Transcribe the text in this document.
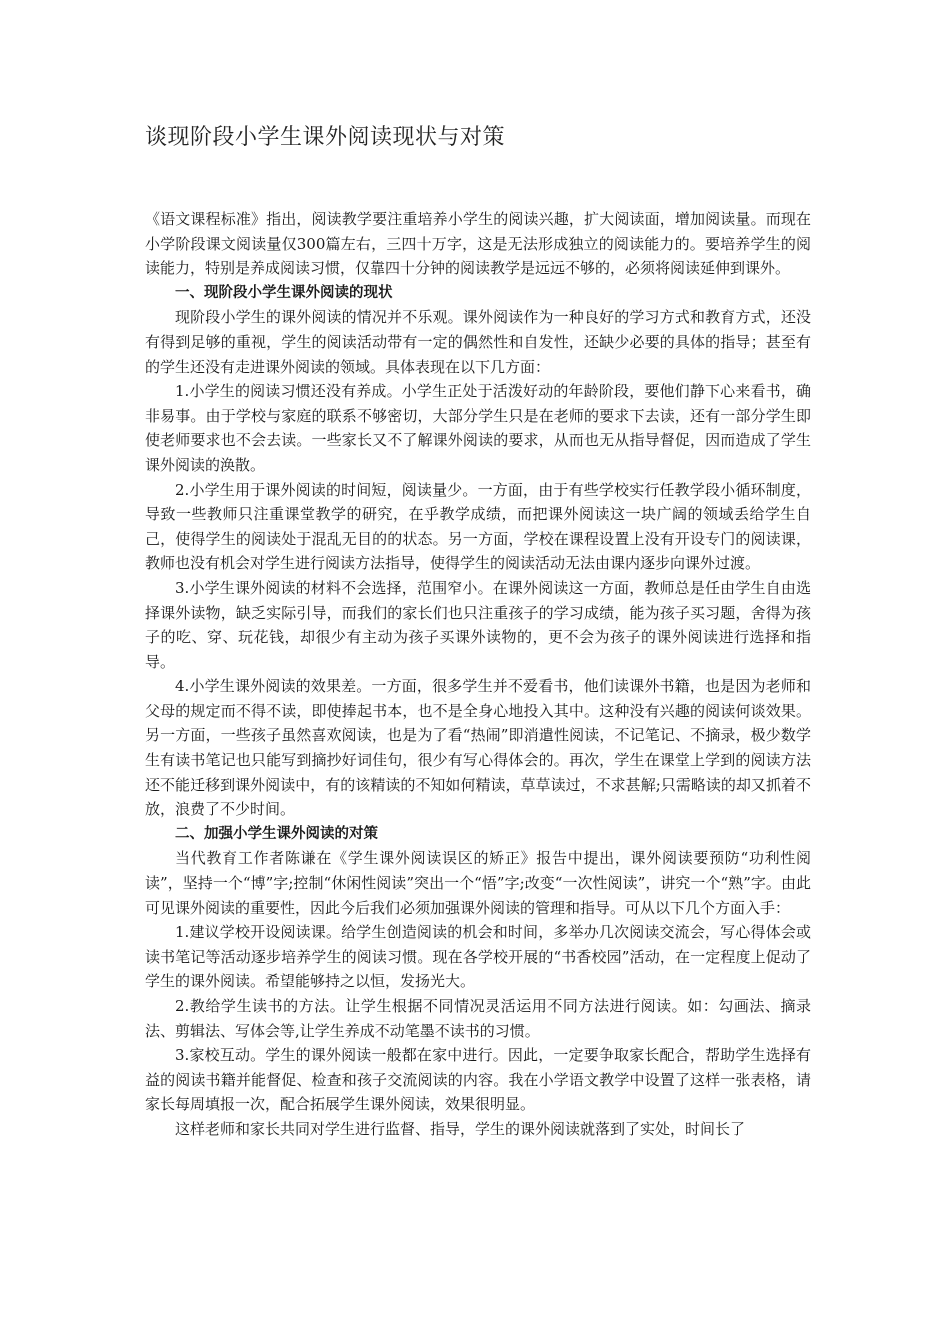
谈现阶段小学生课外阅读现状与对策

《语文课程标准》指出，阅读教学要注重培养小学生的阅读兴趣，扩大阅读面，增加阅读量。而现在小学阶段课文阅读量仅300篇左右，三四十万字，这是无法形成独立的阅读能力的。要培养学生的阅读能力，特别是养成阅读习惯，仅靠四十分钟的阅读教学是远远不够的，必须将阅读延伸到课外。

一、现阶段小学生课外阅读的现状

现阶段小学生的课外阅读的情况并不乐观。课外阅读作为一种良好的学习方式和教育方式，还没有得到足够的重视，学生的阅读活动带有一定的偶然性和自发性，还缺少必要的具体的指导；甚至有的学生还没有走进课外阅读的领域。具体表现在以下几方面：

1.小学生的阅读习惯还没有养成。小学生正处于活泼好动的年龄阶段，要他们静下心来看书，确非易事。由于学校与家庭的联系不够密切，大部分学生只是在老师的要求下去读，还有一部分学生即使老师要求也不会去读。一些家长又不了解课外阅读的要求，从而也无从指导督促，因而造成了学生课外阅读的涣散。

2.小学生用于课外阅读的时间短，阅读量少。一方面，由于有些学校实行任教学段小循环制度，导致一些教师只注重课堂教学的研究，在乎教学成绩，而把课外阅读这一块广阔的领域丢给学生自己，使得学生的阅读处于混乱无目的的状态。另一方面，学校在课程设置上没有开设专门的阅读课，教师也没有机会对学生进行阅读方法指导，使得学生的阅读活动无法由课内逐步向课外过渡。

3.小学生课外阅读的材料不会选择，范围窄小。在课外阅读这一方面，教师总是任由学生自由选择课外读物，缺乏实际引导，而我们的家长们也只注重孩子的学习成绩，能为孩子买习题，舍得为孩子的吃、穿、玩花钱，却很少有主动为孩子买课外读物的，更不会为孩子的课外阅读进行选择和指导。

4.小学生课外阅读的效果差。一方面，很多学生并不爱看书，他们读课外书籍，也是因为老师和父母的规定而不得不读，即使捧起书本，也不是全身心地投入其中。这种没有兴趣的阅读何谈效果。另一方面，一些孩子虽然喜欢阅读，也是为了看“热闹”即消遣性阅读，不记笔记、不摘录，极少数学生有读书笔记也只能写到摘抄好词佳句，很少有写心得体会的。再次，学生在课堂上学到的阅读方法还不能迁移到课外阅读中，有的该精读的不知如何精读，草草读过，不求甚解;只需略读的却又抓着不放，浪费了不少时间。

二、加强小学生课外阅读的对策

当代教育工作者陈谦在《学生课外阅读误区的矫正》报告中提出，课外阅读要预防“功利性阅读”，坚持一个“博”字;控制“休闲性阅读”突出一个“悟”字;改变“一次性阅读”，讲究一个“熟”字。由此可见课外阅读的重要性，因此今后我们必须加强课外阅读的管理和指导。可从以下几个方面入手：

1.建议学校开设阅读课。给学生创造阅读的机会和时间，多举办几次阅读交流会，写心得体会或读书笔记等活动逐步培养学生的阅读习惯。现在各学校开展的“书香校园”活动，在一定程度上促动了学生的课外阅读。希望能够持之以恒，发扬光大。

2.教给学生读书的方法。让学生根据不同情况灵活运用不同方法进行阅读。如：勾画法、摘录法、剪辑法、写体会等,让学生养成不动笔墨不读书的习惯。

3.家校互动。学生的课外阅读一般都在家中进行。因此，一定要争取家长配合，帮助学生选择有益的阅读书籍并能督促、检查和孩子交流阅读的内容。我在小学语文教学中设置了这样一张表格，请家长每周填报一次，配合拓展学生课外阅读，效果很明显。

这样老师和家长共同对学生进行监督、指导，学生的课外阅读就落到了实处，时间长了
